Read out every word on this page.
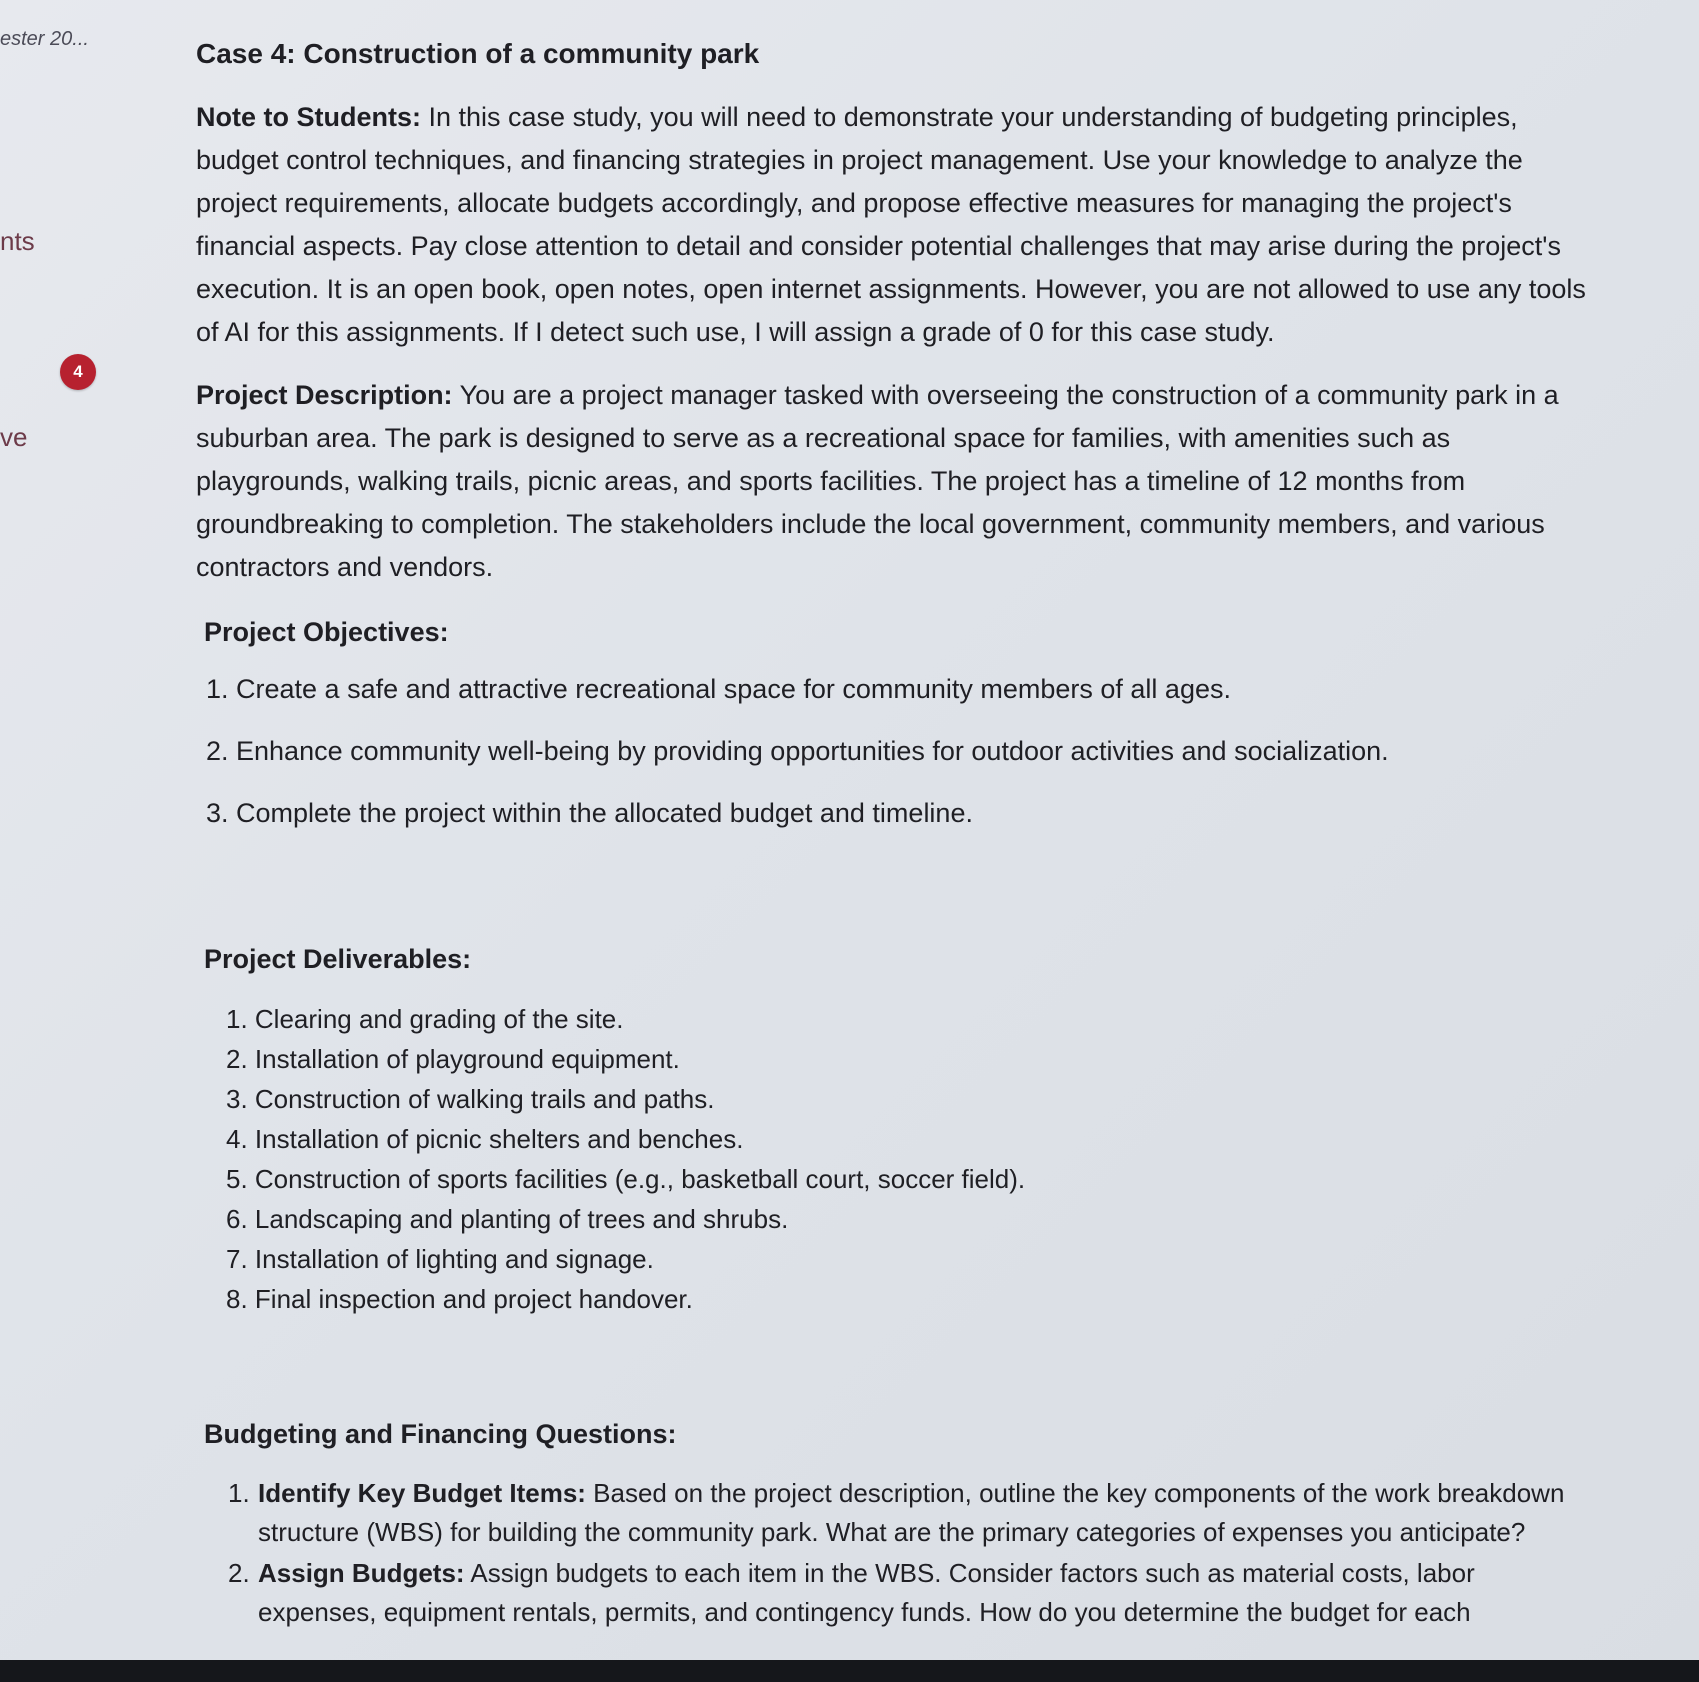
ester 20...
nts
4
ve
Case 4: Construction of a community park

Note to Students: In this case study, you will need to demonstrate your understanding of budgeting principles, budget control techniques, and financing strategies in project management. Use your knowledge to analyze the project requirements, allocate budgets accordingly, and propose effective measures for managing the project's financial aspects. Pay close attention to detail and consider potential challenges that may arise during the project's execution. It is an open book, open notes, open internet assignments. However, you are not allowed to use any tools of AI for this assignments. If I detect such use, I will assign a grade of 0 for this case study.

Project Description: You are a project manager tasked with overseeing the construction of a community park in a suburban area. The park is designed to serve as a recreational space for families, with amenities such as playgrounds, walking trails, picnic areas, and sports facilities. The project has a timeline of 12 months from groundbreaking to completion. The stakeholders include the local government, community members, and various contractors and vendors.

Project Objectives:
1. Create a safe and attractive recreational space for community members of all ages.
2. Enhance community well-being by providing opportunities for outdoor activities and socialization.
3. Complete the project within the allocated budget and timeline.
Project Deliverables:
1. Clearing and grading of the site.
2. Installation of playground equipment.
3. Construction of walking trails and paths.
4. Installation of picnic shelters and benches.
5. Construction of sports facilities (e.g., basketball court, soccer field).
6. Landscaping and planting of trees and shrubs.
7. Installation of lighting and signage.
8. Final inspection and project handover.
Budgeting and Financing Questions:
1. Identify Key Budget Items: Based on the project description, outline the key components of the work breakdown structure (WBS) for building the community park. What are the primary categories of expenses you anticipate?
2. Assign Budgets: Assign budgets to each item in the WBS. Consider factors such as material costs, labor expenses, equipment rentals, permits, and contingency funds. How do you determine the budget for each
